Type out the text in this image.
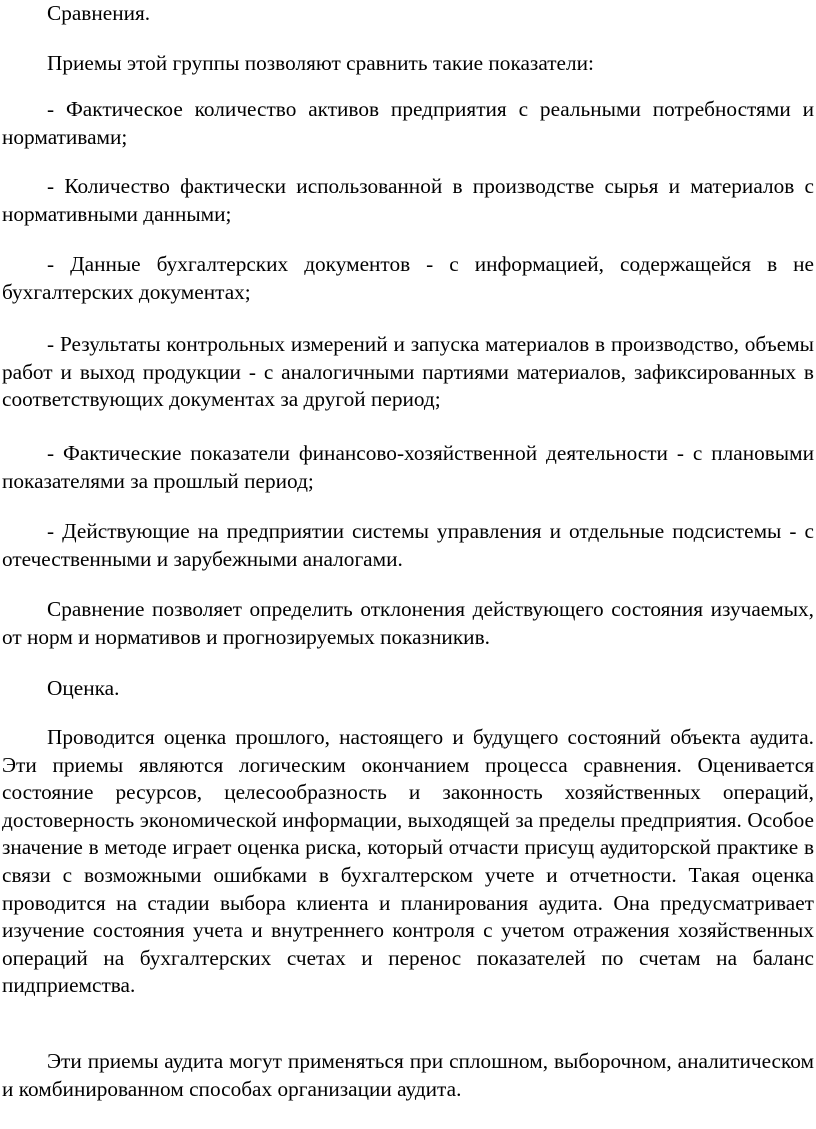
Сравнения.

Приемы этой группы позволяют сравнить такие показатели:

- Фактическое количество активов предприятия с реальными потребностями и нормативами;

- Количество фактически использованной в производстве сырья и материалов с нормативными данными;

- Данные бухгалтерских документов - с информацией, содержащейся в не бухгалтерских документах;

- Результаты контрольных измерений и запуска материалов в производство, объемы работ и выход продукции - с аналогичными партиями материалов, зафиксированных в соответствующих документах за другой период;

- Фактические показатели финансово-хозяйственной деятельности - с плановыми показателями за прошлый период;

- Действующие на предприятии системы управления и отдельные подсистемы - с отечественными и зарубежными аналогами.

Сравнение позволяет определить отклонения действующего состояния изучаемых, от норм и нормативов и прогнозируемых показникив.

Оценка.

Проводится оценка прошлого, настоящего и будущего состояний объекта аудита. Эти приемы являются логическим окончанием процесса сравнения. Оценивается состояние ресурсов, целесообразность и законность хозяйственных операций, достоверность экономической информации, выходящей за пределы предприятия. Особое значение в методе играет оценка риска, который отчасти присущ аудиторской практике в связи с возможными ошибками в бухгалтерском учете и отчетности. Такая оценка проводится на стадии выбора клиента и планирования аудита. Она предусматривает изучение состояния учета и внутреннего контроля с учетом отражения хозяйственных операций на бухгалтерских счетах и перенос показателей по счетам на баланс пидприемства.

Эти приемы аудита могут применяться при сплошном, выборочном, аналитическом и комбинированном способах организации аудита.
